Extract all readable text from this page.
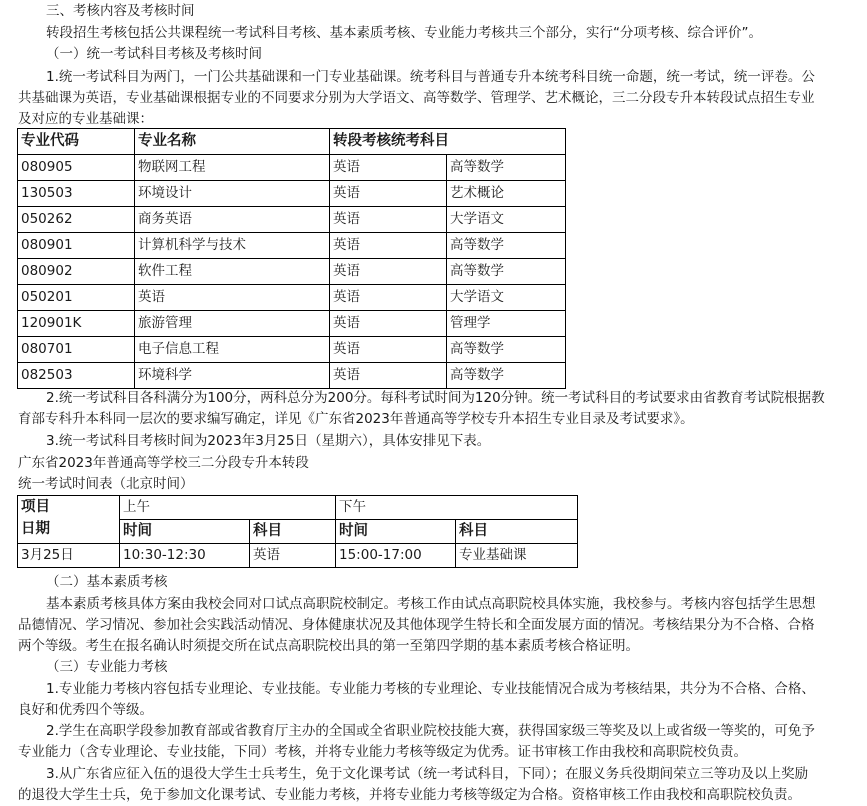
三、考核内容及考核时间
转段招生考核包括公共课程统一考试科目考核、基本素质考核、专业能力考核共三个部分，实行“分项考核、综合评价”。
（一）统一考试科目考核及考核时间
1.统一考试科目为两门，一门公共基础课和一门专业基础课。统考科目与普通专升本统考科目统一命题，统一考试，统一评卷。公
共基础课为英语，专业基础课根据专业的不同要求分别为大学语文、高等数学、管理学、艺术概论，三二分段专升本转段试点招生专业
及对应的专业基础课：
专业代码	专业名称	转段考核统考科目	
080905	物联网工程	英语	高等数学
130503	环境设计	英语	艺术概论
050262	商务英语	英语	大学语文
080901	计算机科学与技术	英语	高等数学
080902	软件工程	英语	高等数学
050201	英语	英语	大学语文
120901K	旅游管理	英语	管理学
080701	电子信息工程	英语	高等数学
082503	环境科学	英语	高等数学
2.统一考试科目各科满分为100分，两科总分为200分。每科考试时间为120分钟。统一考试科目的考试要求由省教育考试院根据教
育部专科升本科同一层次的要求编写确定，详见《广东省2023年普通高等学校专升本招生专业目录及考试要求》。
3.统一考试科目考核时间为2023年3月25日（星期六），具体安排见下表。
广东省2023年普通高等学校三二分段专升本转段
统一考试时间表（北京时间）
项目
日期	上午		下午	
	时间	科目	时间	科目
3月25日	10:30-12:30	英语	15:00-17:00	专业基础课
（二）基本素质考核
基本素质考核具体方案由我校会同对口试点高职院校制定。考核工作由试点高职院校具体实施，我校参与。考核内容包括学生思想
品德情况、学习情况、参加社会实践活动情况、身体健康状况及其他体现学生特长和全面发展方面的情况。考核结果分为不合格、合格
两个等级。考生在报名确认时须提交所在试点高职院校出具的第一至第四学期的基本素质考核合格证明。
（三）专业能力考核
1.专业能力考核内容包括专业理论、专业技能。专业能力考核的专业理论、专业技能情况合成为考核结果，共分为不合格、合格、
良好和优秀四个等级。
2.学生在高职学段参加教育部或省教育厅主办的全国或全省职业院校技能大赛，获得国家级三等奖及以上或省级一等奖的，可免予
专业能力（含专业理论、专业技能，下同）考核，并将专业能力考核等级定为优秀。证书审核工作由我校和高职院校负责。
3.从广东省应征入伍的退役大学生士兵考生，免于文化课考试（统一考试科目，下同）；在服义务兵役期间荣立三等功及以上奖励
的退役大学生士兵，免于参加文化课考试、专业能力考核，并将专业能力考核等级定为合格。资格审核工作由我校和高职院校负责。
